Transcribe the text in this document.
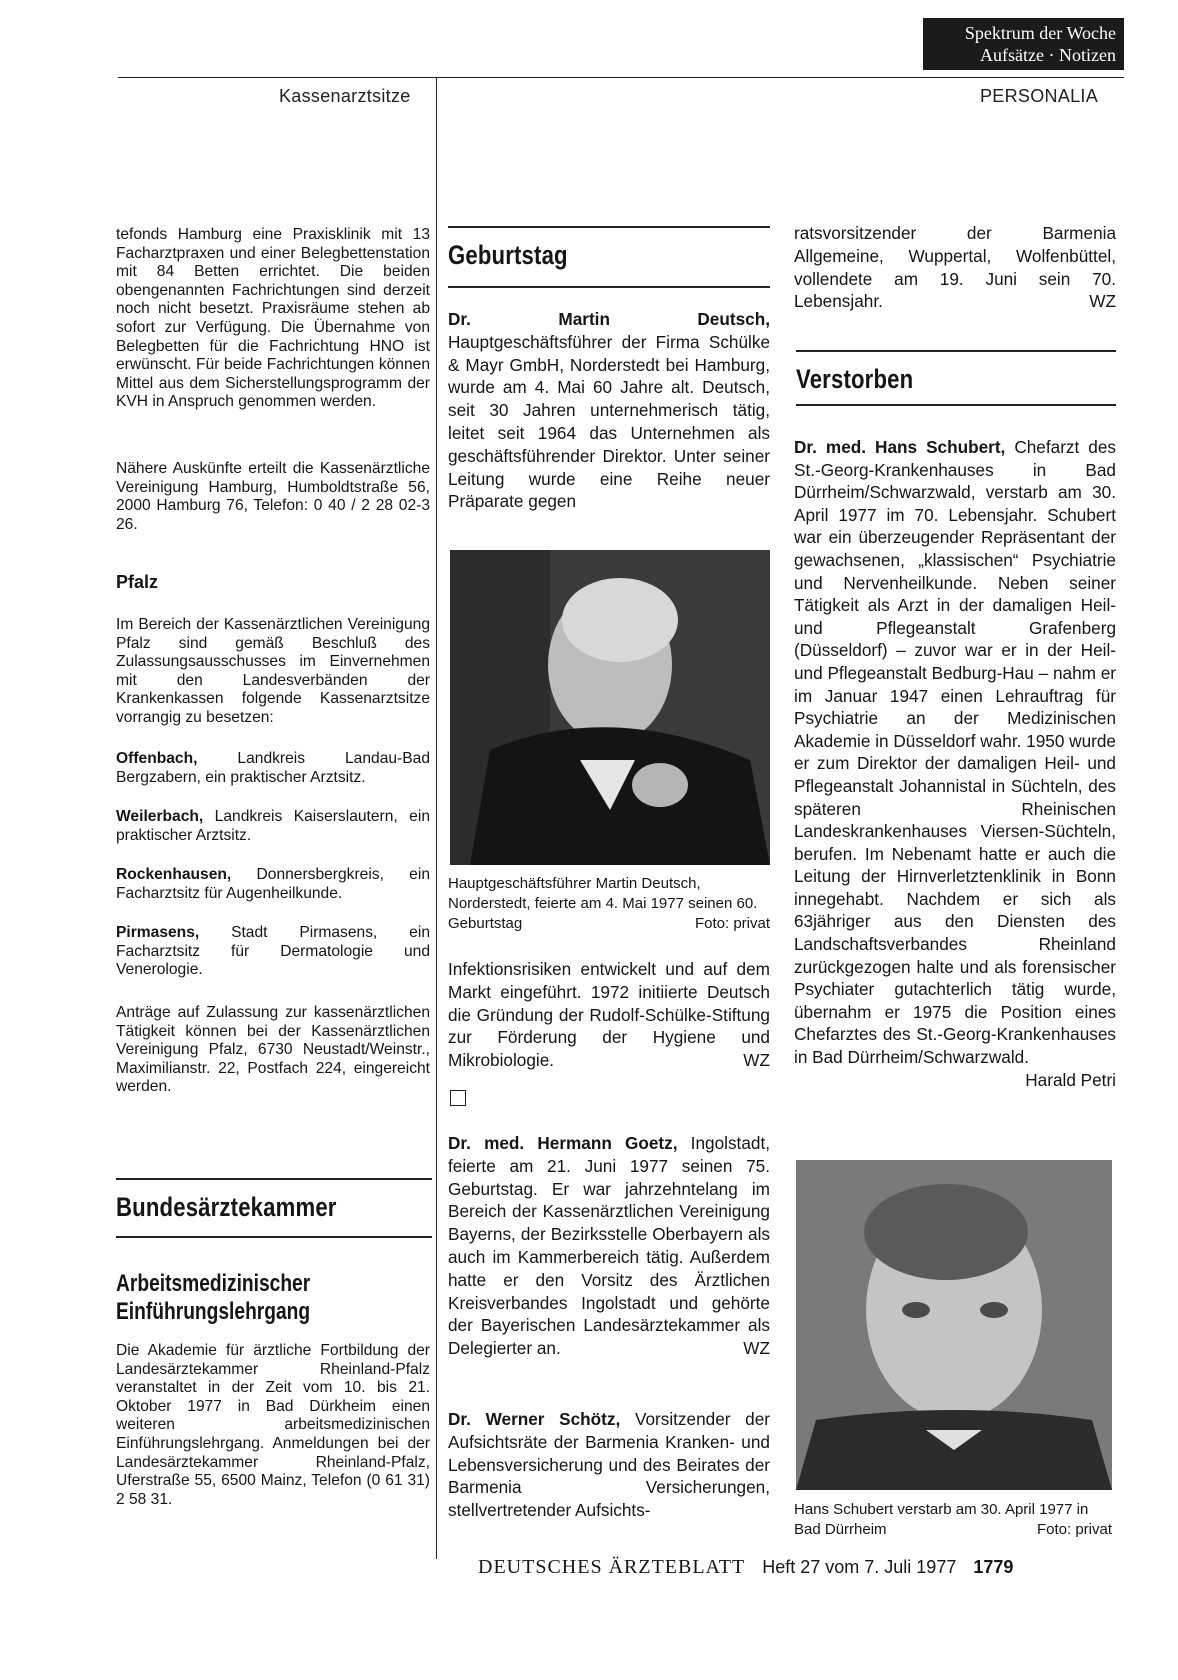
Spektrum der Woche
Aufsätze · Notizen
Kassenarztsitze	PERSONALIA
tefonds Hamburg eine Praxisklinik mit 13 Facharztpraxen und einer Belegbettenstation mit 84 Betten errichtet. Die beiden obengenannten Fachrichtungen sind derzeit noch nicht besetzt. Praxisräume stehen ab sofort zur Verfügung. Die Übernahme von Belegbetten für die Fachrichtung HNO ist erwünscht. Für beide Fachrichtungen können Mittel aus dem Sicherstellungsprogramm der KVH in Anspruch genommen werden.
Nähere Auskünfte erteilt die Kassenärztliche Vereinigung Hamburg, Humboldtstraße 56, 2000 Hamburg 76, Telefon: 0 40 / 2 28 02-3 26.
Pfalz
Im Bereich der Kassenärztlichen Vereinigung Pfalz sind gemäß Beschluß des Zulassungsausschusses im Einvernehmen mit den Landesverbänden der Krankenkassen folgende Kassenarztsitze vorrangig zu besetzen:
Offenbach, Landkreis Landau-Bad Bergzabern, ein praktischer Arztsitz.
Weilerbach, Landkreis Kaiserslautern, ein praktischer Arztsitz.
Rockenhausen, Donnersbergkreis, ein Facharztsitz für Augenheilkunde.
Pirmasens, Stadt Pirmasens, ein Facharztsitz für Dermatologie und Venerologie.
Anträge auf Zulassung zur kassenärztlichen Tätigkeit können bei der Kassenärztlichen Vereinigung Pfalz, 6730 Neustadt/Weinstr., Maximilianstr. 22, Postfach 224, eingereicht werden.
Bundesärztekammer
Arbeitsmedizinischer
Einführungslehrgang
Die Akademie für ärztliche Fortbildung der Landesärztekammer Rheinland-Pfalz veranstaltet in der Zeit vom 10. bis 21. Oktober 1977 in Bad Dürkheim einen weiteren arbeitsmedizinischen Einführungslehrgang. Anmeldungen bei der Landesärztekammer Rheinland-Pfalz, Uferstraße 55, 6500 Mainz, Telefon (0 61 31) 2 58 31.
Geburtstag
Dr. Martin Deutsch, Hauptgeschäftsführer der Firma Schülke & Mayr GmbH, Norderstedt bei Hamburg, wurde am 4. Mai 60 Jahre alt. Deutsch, seit 30 Jahren unternehmerisch tätig, leitet seit 1964 das Unternehmen als geschäftsführender Direktor. Unter seiner Leitung wurde eine Reihe neuer Präparate gegen
Hauptgeschäftsführer Martin Deutsch, Norderstedt, feierte am 4. Mai 1977 seinen 60. Geburtstag	Foto: privat
Infektionsrisiken entwickelt und auf dem Markt eingeführt. 1972 initiierte Deutsch die Gründung der Rudolf-Schülke-Stiftung zur Förderung der Hygiene und Mikrobiologie.	WZ
Dr. med. Hermann Goetz, Ingolstadt, feierte am 21. Juni 1977 seinen 75. Geburtstag. Er war jahrzehntelang im Bereich der Kassenärztlichen Vereinigung Bayerns, der Bezirksstelle Oberbayern als auch im Kammerbereich tätig. Außerdem hatte er den Vorsitz des Ärztlichen Kreisverbandes Ingolstadt und gehörte der Bayerischen Landesärztekammer als Delegierter an.	WZ
Dr. Werner Schötz, Vorsitzender der Aufsichtsräte der Barmenia Kranken- und Lebensversicherung und des Beirates der Barmenia Versicherungen, stellvertretender Aufsichts-
ratsvorsitzender der Barmenia Allgemeine, Wuppertal, Wolfenbüttel, vollendete am 19. Juni sein 70. Lebensjahr.	WZ
Verstorben
Dr. med. Hans Schubert, Chefarzt des St.-Georg-Krankenhauses in Bad Dürrheim/Schwarzwald, verstarb am 30. April 1977 im 70. Lebensjahr. Schubert war ein überzeugender Repräsentant der gewachsenen, „klassischen“ Psychiatrie und Nervenheilkunde. Neben seiner Tätigkeit als Arzt in der damaligen Heil- und Pflegeanstalt Grafenberg (Düsseldorf) – zuvor war er in der Heil- und Pflegeanstalt Bedburg-Hau – nahm er im Januar 1947 einen Lehrauftrag für Psychiatrie an der Medizinischen Akademie in Düsseldorf wahr. 1950 wurde er zum Direktor der damaligen Heil- und Pflegeanstalt Johannistal in Süchteln, des späteren Rheinischen Landeskrankenhauses Viersen-Süchteln, berufen. Im Nebenamt hatte er auch die Leitung der Hirnverletztenklinik in Bonn innegehabt. Nachdem er sich als 63jähriger aus den Diensten des Landschaftsverbandes Rheinland zurückgezogen halte und als forensischer Psychiater gutachterlich tätig wurde, übernahm er 1975 die Position eines Chefarztes des St.-Georg-Krankenhauses in Bad Dürrheim/Schwarzwald.
Harald Petri
Hans Schubert verstarb am 30. April 1977 in Bad Dürrheim	Foto: privat
DEUTSCHES ÄRZTEBLATT Heft 27 vom 7. Juli 1977 1779
